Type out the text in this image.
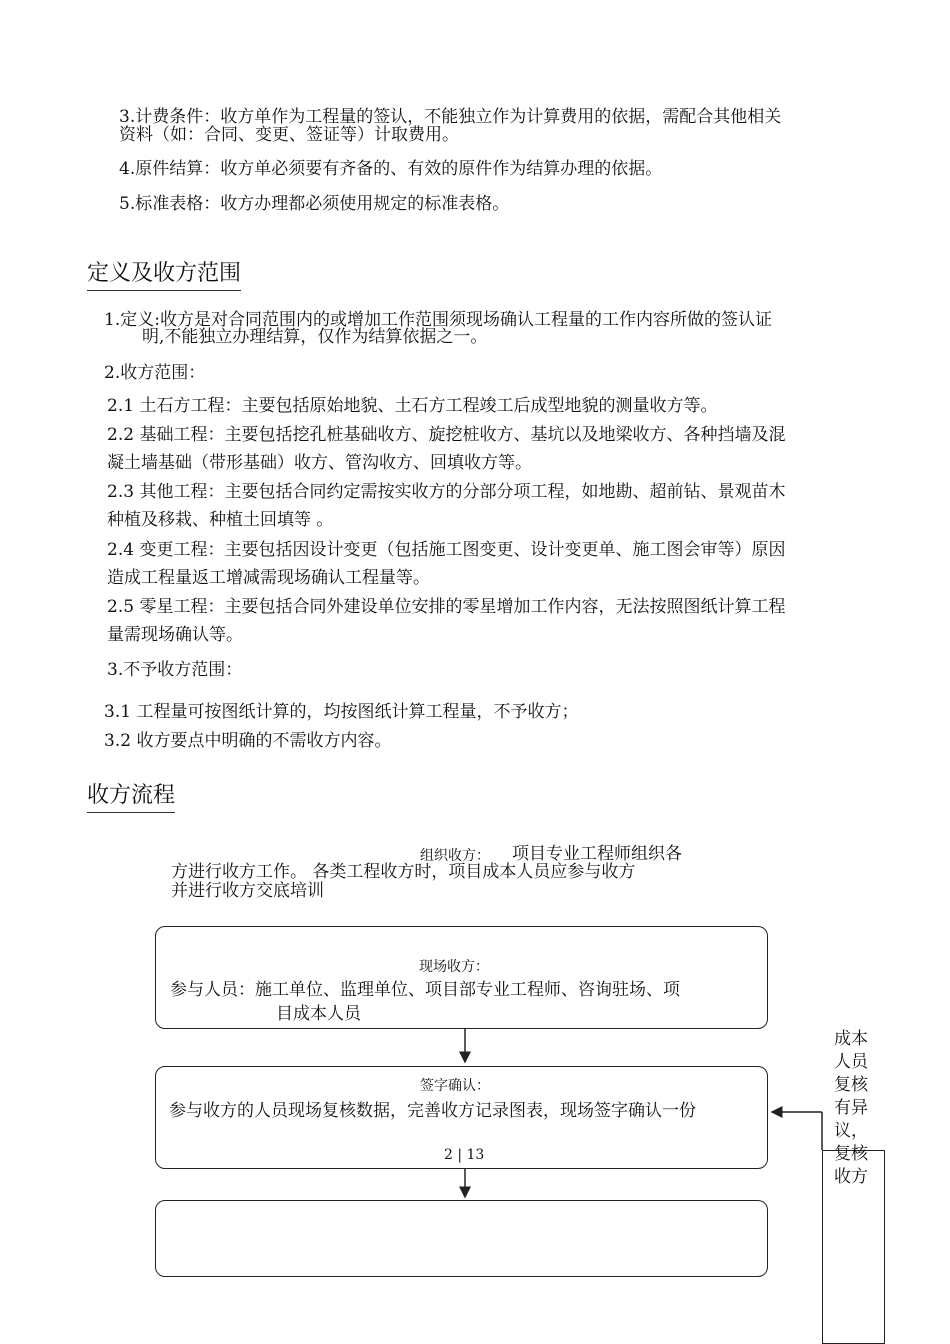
3.计费条件：收方单作为工程量的签认，不能独立作为计算费用的依据，需配合其他相关
资料（如：合同、变更、签证等）计取费用。
4.原件结算：收方单必须要有齐备的、有效的原件作为结算办理的依据。
5.标准表格：收方办理都必须使用规定的标准表格。
定义及收方范围
1.定义:收方是对合同范围内的或增加工作范围须现场确认工程量的工作内容所做的签认证
明,不能独立办理结算，仅作为结算依据之一。
2.收方范围：
2.1 土石方工程：主要包括原始地貌、土石方工程竣工后成型地貌的测量收方等。
2.2 基础工程：主要包括挖孔桩基础收方、旋挖桩收方、基坑以及地梁收方、各种挡墙及混
凝土墙基础（带形基础）收方、管沟收方、回填收方等。
2.3 其他工程：主要包括合同约定需按实收方的分部分项工程，如地勘、超前钻、景观苗木
种植及移栽、种植土回填等 。
2.4 变更工程：主要包括因设计变更（包括施工图变更、设计变更单、施工图会审等）原因
造成工程量返工增减需现场确认工程量等。
2.5 零星工程：主要包括合同外建设单位安排的零星增加工作内容，无法按照图纸计算工程
量需现场确认等。
3.不予收方范围：
3.1 工程量可按图纸计算的，均按图纸计算工程量，不予收方；
3.2 收方要点中明确的不需收方内容。
收方流程
组织收方： 项目专业工程师组织各
方进行收方工作。 各类工程收方时，项目成本人员应参与收方
并进行收方交底培训
现场收方：
参与人员：施工单位、监理单位、项目部专业工程师、咨询驻场、项
目成本人员
签字确认：
参与收方的人员现场复核数据，完善收方记录图表，现场签字确认一份
2 | 13
成本人员复核有异议，复核收方
